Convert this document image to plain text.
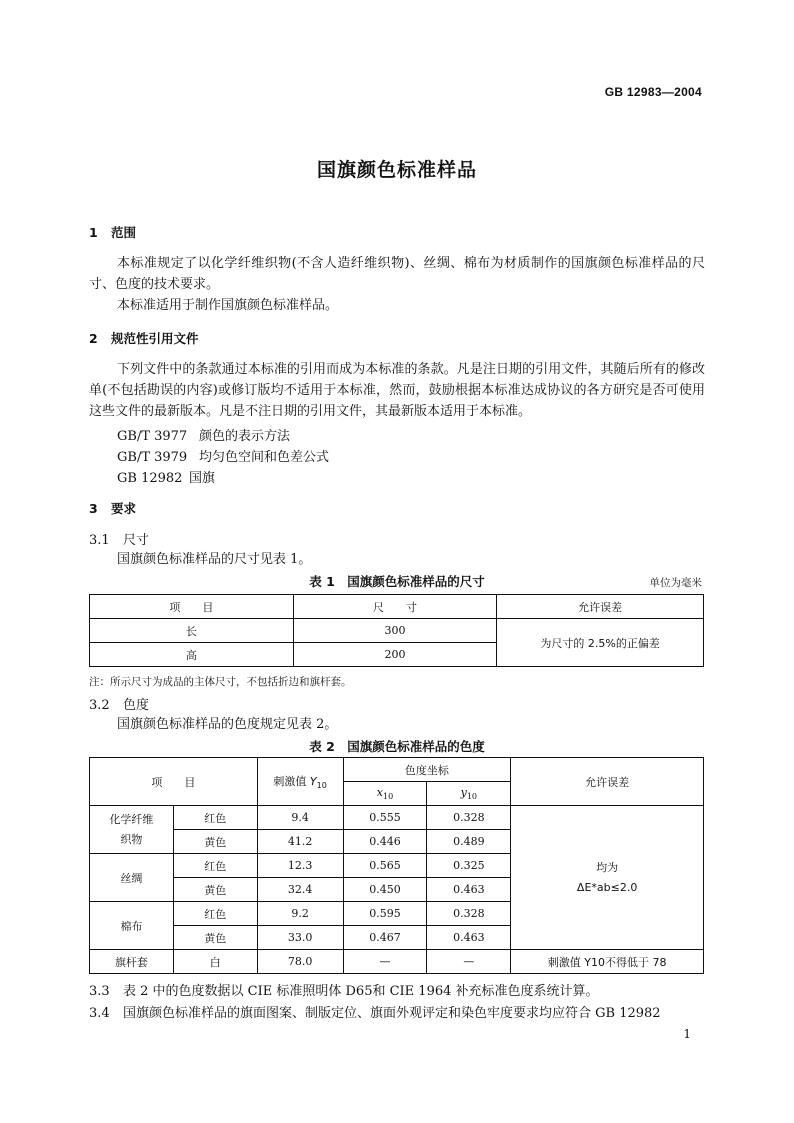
GB 12983—2004
国旗颜色标准样品
1 范围
本标准规定了以化学纤维织物(不含人造纤维织物)、丝绸、棉布为材质制作的国旗颜色标准样品的尺寸、色度的技术要求。
本标准适用于制作国旗颜色标准样品。
2 规范性引用文件
下列文件中的条款通过本标准的引用而成为本标准的条款。凡是注日期的引用文件，其随后所有的修改单(不包括勘误的内容)或修订版均不适用于本标准，然而，鼓励根据本标准达成协议的各方研究是否可使用这些文件的最新版本。凡是不注日期的引用文件，其最新版本适用于本标准。
GB/T 3977 颜色的表示方法
GB/T 3979 均匀色空间和色差公式
GB 12982 国旗
3 要求
3.1 尺寸
国旗颜色标准样品的尺寸见表 1。
表 1　国旗颜色标准样品的尺寸	单位为毫米
项　　目	尺　　寸	允许误差
长	300	为尺寸的 2.5%的正偏差
高	200	
注：所示尺寸为成品的主体尺寸，不包括折边和旗杆套。
3.2 色度
国旗颜色标准样品的色度规定见表 2。
表 2　国旗颜色标准样品的色度
项　　目		刺激值 $Y_{10}$	色度坐标		允许误差
			$x_{10}$	$y_{10}$
化学纤维织物	红色	9.4	0.555	0.328	均为
ΔE*ab≤2.0

	黄色	41.2	0.446	0.489	
丝绸	红色	12.3	0.565	0.325	
	黄色	32.4	0.450	0.463	
棉布	红色	9.2	0.595	0.328	
	黄色	33.0	0.467	0.463	
旗杆套	白	78.0	—	—	刺激值 Y10不得低于 78
3.3 表 2 中的色度数据以 CIE 标准照明体 D65和 CIE 1964 补充标准色度系统计算。
3.4 国旗颜色标准样品的旗面图案、制版定位、旗面外观评定和染色牢度要求均应符合 GB 12982
1
